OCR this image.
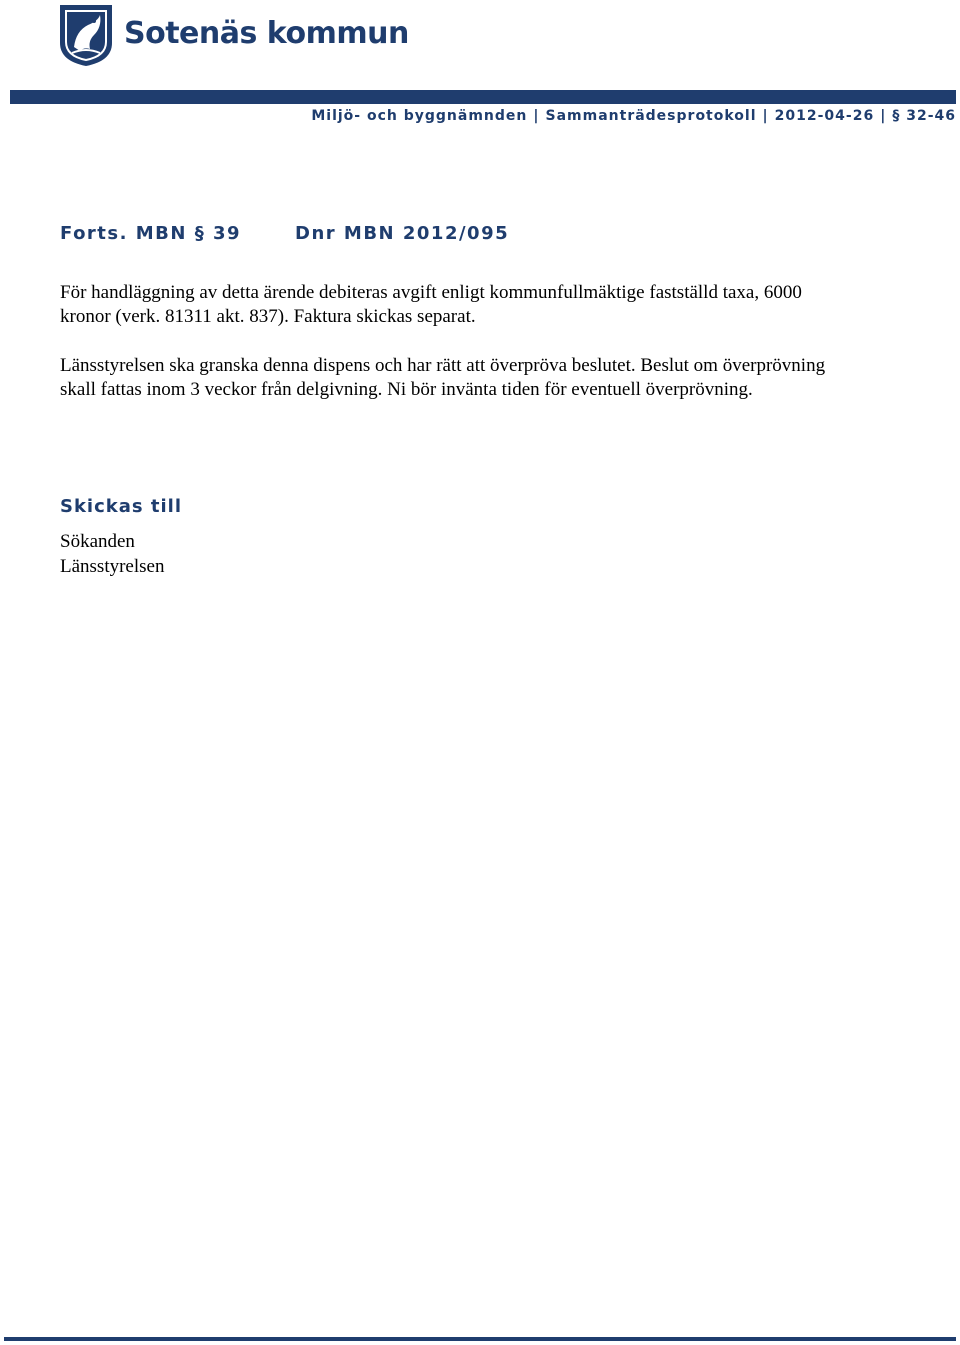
Sotenäs kommun
Miljö- och byggnämnden | Sammanträdesprotokoll | 2012-04-26 | § 32-46
Forts. MBN § 39	Dnr MBN 2012/095

För handläggning av detta ärende debiteras avgift enligt kommunfullmäktige fastställd taxa, 6000 kronor (verk. 81311 akt. 837). Faktura skickas separat.

Länsstyrelsen ska granska denna dispens och har rätt att överpröva beslutet. Beslut om överprövning skall fattas inom 3 veckor från delgivning. Ni bör invänta tiden för eventuell överprövning.

Skickas till
Sökanden
Länsstyrelsen
